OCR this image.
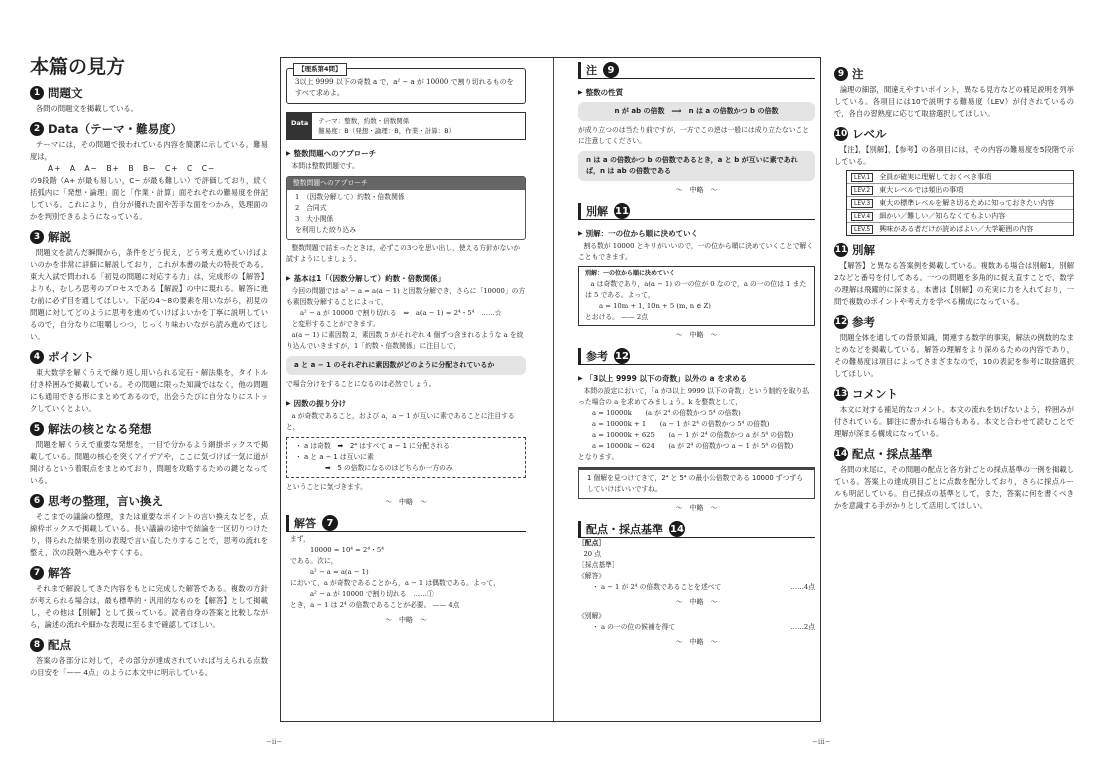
本篇の見方
1 問題文

各問の問題文を掲載している。

2 Data（テーマ・難易度）

テーマには，その問題で扱われている内容を簡潔に示している。難易度は，

A+　A　A−　B+　B　B−　C+　C　C−

の9段階（A+ が最も易しい，C− が最も難しい）で評価しており，続く括弧内に「発想・論理」面と「作業・計算」面それぞれの難易度を併記している。これにより，自分が優れた面や苦手な面をつかみ，処理面のかを判別できるようになっている。

3 解説

問題文を読んだ瞬間から，条件をどう捉え，どう考え進めていけばよいのかを非常に詳細に解説しており，これが本書の最大の特長である。東大入試で問われる「初見の問題に対応する力」は，完成形の【解答】よりも，むしろ思考のプロセスである【解説】の中に現れる。解答に進む前に必ず目を通してほしい。下記の4〜8の要素を用いながら，初見の問題に対してどのように思考を進めていけばよいかを丁寧に説明しているので，自分なりに咀嚼しつつ，じっくり味わいながら読み進めてほしい。

4 ポイント

東大数学を解くうえで繰り返し用いられる定石・解法集を，タイトル付き枠囲みで掲載している。その問題に限った知識ではなく，他の問題にも通用できる形にまとめてあるので，出会うたびに自分なりにストックしていくとよい。

5 解法の核となる発想

問題を解くうえで重要な発想を，一目で分かるよう網掛ボックスで掲載している。問題の核心を突くアイデアや，ここに気づけば一気に道が開けるという着眼点をまとめており，問題を攻略するための鍵となっている。

6 思考の整理，言い換え

そこまでの議論の整理，または重要なポイントの言い換えなどを，点線枠ボックスで掲載している。長い議論の途中で結論を一区切りつけたり，得られた結果を別の表現で言い直したりすることで，思考の流れを整え，次の段階へ進みやすくする。

7 解答

それまで解説してきた内容をもとに完成した解答である。複数の方針が考えられる場合は，最も標準的・汎用的なものを【解答】として掲載し，その他は【別解】として扱っている。読者自身の答案と比較しながら，論述の流れや細かな表現に至るまで確認してほしい。

8 配点

答案の各部分に対して，その部分が達成されていれば与えられる点数の目安を「—— 4点」のように本文中に明示している。

【理系第4問】
3以上 9999 以下の奇数 a で，a² − a が 10000 で割り切れるものをすべて求めよ。
Data	テーマ：整数，約数・倍数関係
難易度：B（発想・論理：B，作業・計算：B）
▶ 整数問題へのアプローチ
本問は整数問題です。
整数問題へのアプローチ
1　（因数分解して）約数・倍数関係
2　合同式
3　大小関係
を利用した絞り込み
整数問題で詰まったときは，必ずこの3つを思い出し，使える方針がないか試すようにしましょう。
▶ 基本は1「（因数分解して）約数・倍数関係」
今回の問題では a² − a = a(a − 1) と因数分解でき，さらに「10000」の方も素因数分解することによって，
a² − a が 10000 で割り切れる　⇔　a(a − 1) = 2⁴・5⁴　……☆
と変形することができます。
a(a − 1) に素因数 2，素因数 5 がそれぞれ 4 個ずつ含まれるような a を絞り込んでいきますが，1「約数・倍数関係」に注目して，
a と a − 1 のそれぞれに素因数がどのように分配されているか
で場合分けをすることになるのは必然でしょう。
▶ 因数の振り分け
a が奇数であること，および a，a − 1 が互いに素であることに注目すると，
・ a は奇数　➡　2⁴ はすべて a − 1 に分配される
・ a と a − 1 は互いに素
➡　5 の倍数になるのはどちらか一方のみ
ということに気づきます。
〜　中略　〜
解答	7
まず，
10000 = 10⁴ = 2⁴・5⁴
である。次に，
a² − a = a(a − 1)
において，a が奇数であることから，a − 1 は偶数である。よって，
a² − a が 10000 で割り切れる　……①
とき，a − 1 は 2⁴ の倍数であることが必要。 —— 4点
〜　中略　〜
注	9
▶ 整数の性質
n が ab の倍数　⟹　n は a の倍数かつ b の倍数
が成り立つのは当たり前ですが，一方でこの逆は一般には成り立たないことに注意してください。
n は a の倍数かつ b の倍数であるとき，a と b が互いに素であれば，n は ab の倍数である
〜　中略　〜
別解 11
▶ 別解：一の位から順に決めていく
割る数が 10000 とキリがいいので，一の位から順に決めていくことで解くこともできます。
別解：一の位から順に決めていく
a は奇数であり，a(a − 1) の一の位が 0 なので，a の一の位は 1 または 5 である。よって，
a = 10m + 1, 10n + 5 (m, n ∈ Z)
とおける。 —— 2点
〜　中略　〜
参考 12
▶ 「3以上 9999 以下の奇数」以外の a を求める
本問の設定において，「a が3以上 9999 以下の奇数」という制約を取り払った場合の a を求めてみましょう。k を整数として，
a = 10000k　　(a が 2⁴ の倍数かつ 5⁴ の倍数)
a = 10000k + 1　　(a − 1 が 2⁴ の倍数かつ 5⁴ の倍数)
a = 10000k + 625　　(a − 1 が 2⁴ の倍数かつ a が 5⁴ の倍数)
a = 10000k − 624　　(a が 2⁴ の倍数かつ a − 1 が 5⁴ の倍数)
となります。
1 個解を見つけてきて，2⁴ と 5⁴ の最小公倍数である 10000 ずつずらしていけばいいですね。
〜　中略　〜
配点・採点基準 14
［配点］
20 点
［採点基準］
《解答》
・ a − 1 が 2⁴ の倍数であることを述べて	……4点
〜　中略　〜
《別解》
・ a の一の位の候補を得て	……2点
〜　中略　〜
−ii−	−iii−
9 注

論理の細部，間違えやすいポイント，異なる見方などの補足説明を列挙している。各項目には10で説明する難易度（LEV）が付されているので，各自の習熟度に応じて取捨選択してほしい。

10 レベル

【注】，【別解】，【参考】の各項目には，その内容の難易度を5段階で示している。

LEV.1	全員が確実に理解しておくべき事項
LEV.2	東大レベルでは頻出の事項
LEV.3	東大の標準レベルを解き切るために知っておきたい内容
LEV.4	細かい／難しい／知らなくてもよい内容
LEV.5	興味がある者だけが読めばよい／大学範囲の内容
11 別解

【解答】と異なる答案例を掲載している。複数ある場合は別解1，別解2などと番号を付してある。一つの問題を多角的に捉え直すことで，数学の理解は飛躍的に深まる。本書は【別解】の充実に力を入れており，一問で複数のポイントや考え方を学べる構成になっている。

12 参考

問題全体を通しての背景知識，関連する数学的事実，解法の例数的なまとめなどを掲載している。解答の理解をより深めるための内容であり，その難易度は項目によってさまざまなので，10の表記を参考に取捨選択してほしい。

13 コメント

本文に対する補足的なコメント。本文の流れを妨げないよう，枠囲みが付されている。脚注に書かれる場合もある。本文と合わせて読むことで理解が深まる構成になっている。

14 配点・採点基準

各問の末尾に，その問題の配点と各方針ごとの採点基準の一例を掲載している。答案上の達成項目ごとに点数を配分しており，さらに採点ルールも明記している。自己採点の基準として，また，答案に何を書くべきかを意識する手がかりとして活用してほしい。
